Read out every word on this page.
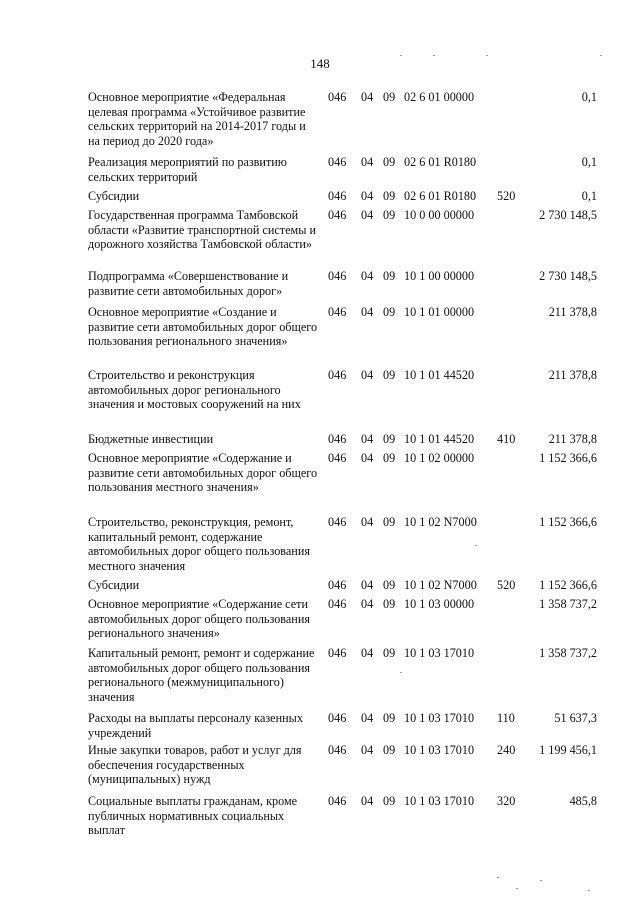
148
Основное мероприятие «Федеральная целевая программа «Устойчивое развитие сельских территорий на 2014-2017 годы и на период до 2020 года»
046 04 09 02 6 01 00000	0,1
Реализация мероприятий по развитию сельских территорий
046 04 09 02 6 01 R0180	0,1
Субсидии	046 04 09 02 6 01 R0180 520	0,1
Государственная программа Тамбовской области «Развитие транспортной системы и дорожного хозяйства Тамбовской области»
046 04 09 10 0 00 00000	2 730 148,5
Подпрограмма «Совершенствование и развитие сети автомобильных дорог»
046 04 09 10 1 00 00000	2 730 148,5
Основное мероприятие «Создание и развитие сети автомобильных дорог общего пользования регионального значения»
046 04 09 10 1 01 00000	211 378,8
Строительство и реконструкция автомобильных дорог регионального значения и мостовых сооружений на них
046 04 09 10 1 01 44520	211 378,8
Бюджетные инвестиции	046 04 09 10 1 01 44520 410	211 378,8
Основное мероприятие «Содержание и развитие сети автомобильных дорог общего пользования местного значения»
046 04 09 10 1 02 00000	1 152 366,6
Строительство, реконструкция, ремонт, капитальный ремонт, содержание автомобильных дорог общего пользования местного значения
046 04 09 10 1 02 N7000	1 152 366,6
Субсидии	046 04 09 10 1 02 N7000 520	1 152 366,6
Основное мероприятие «Содержание сети автомобильных дорог общего пользования регионального значения»
046 04 09 10 1 03 00000	1 358 737,2
Капитальный ремонт, ремонт и содержание автомобильных дорог общего пользования регионального (межмуниципального) значения
046 04 09 10 1 03 17010	1 358 737,2
Расходы на выплаты персоналу казенных учреждений
046 04 09 10 1 03 17010 110	51 637,3
Иные закупки товаров, работ и услуг для обеспечения государственных (муниципальных) нужд
046 04 09 10 1 03 17010 240	1 199 456,1
Социальные выплаты гражданам, кроме публичных нормативных социальных выплат
046 04 09 10 1 03 17010 320	485,8
